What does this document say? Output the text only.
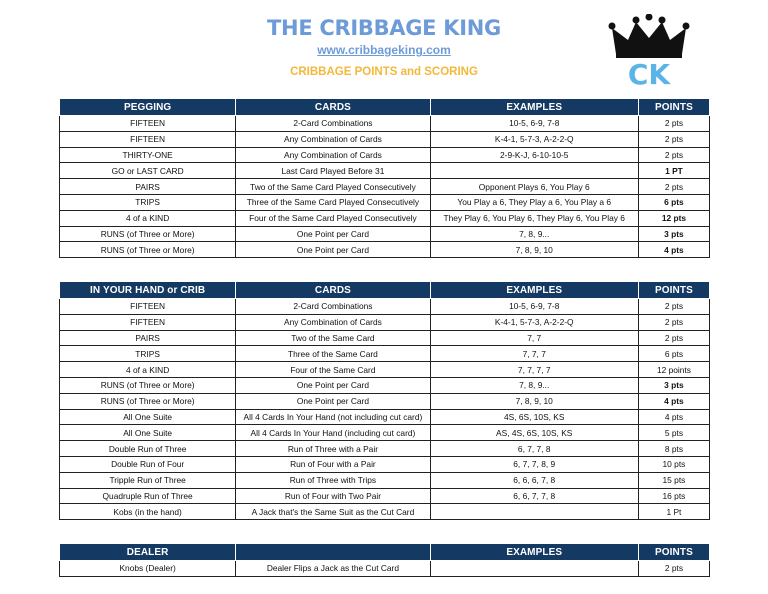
THE CRIBBAGE KING
www.cribbageking.com
CRIBBAGE POINTS and SCORING	CK
PEGGING	CARDS	EXAMPLES	POINTS
FIFTEEN	2-Card Combinations	10-5, 6-9, 7-8	2 pts
FIFTEEN	Any Combination of Cards	K-4-1, 5-7-3, A-2-2-Q	2 pts
THIRTY-ONE	Any Combination of Cards	2-9-K-J, 6-10-10-5	2 pts
GO or LAST CARD	Last Card Played Before 31		1 PT
PAIRS	Two of the Same Card Played Consecutively	Opponent Plays 6, You Play 6	2 pts
TRIPS	Three of the Same Card Played Consecutively	You Play a 6, They Play a 6, You Play a 6	6 pts
4 of a KIND	Four of the Same Card Played Consecutively	They Play 6, You Play 6, They Play 6, You Play 6	12 pts
RUNS (of Three or More)	One Point per Card	7, 8, 9...	3 pts
RUNS (of Three or More)	One Point per Card	7, 8, 9, 10	4 pts
IN YOUR HAND or CRIB	CARDS	EXAMPLES	POINTS
FIFTEEN	2-Card Combinations	10-5, 6-9, 7-8	2 pts
FIFTEEN	Any Combination of Cards	K-4-1, 5-7-3, A-2-2-Q	2 pts
PAIRS	Two of the Same Card	7, 7	2 pts
TRIPS	Three of the Same Card	7, 7, 7	6 pts
4 of a KIND	Four of the Same Card	7, 7, 7, 7	12 points
RUNS (of Three or More)	One Point per Card	7, 8, 9...	3 pts
RUNS (of Three or More)	One Point per Card	7, 8, 9, 10	4 pts
All One Suite	All 4 Cards In Your Hand (not including cut card)	4S, 6S, 10S, KS	4 pts
All One Suite	All 4 Cards In Your Hand (including cut card)	AS, 4S, 6S, 10S, KS	5 pts
Double Run of Three	Run of Three with a Pair	6, 7, 7, 8	8 pts
Double Run of Four	Run of Four with a Pair	6, 7, 7, 8, 9	10 pts
Tripple Run of Three	Run of Three with Trips	6, 6, 6, 7, 8	15 pts
Quadruple Run of Three	Run of Four with Two Pair	6, 6, 7, 7, 8	16 pts
Kobs (in the hand)	A Jack that's the Same Suit as the Cut Card		1 Pt
DEALER		EXAMPLES	POINTS
Knobs (Dealer)	Dealer Flips a Jack as the Cut Card		2 pts
